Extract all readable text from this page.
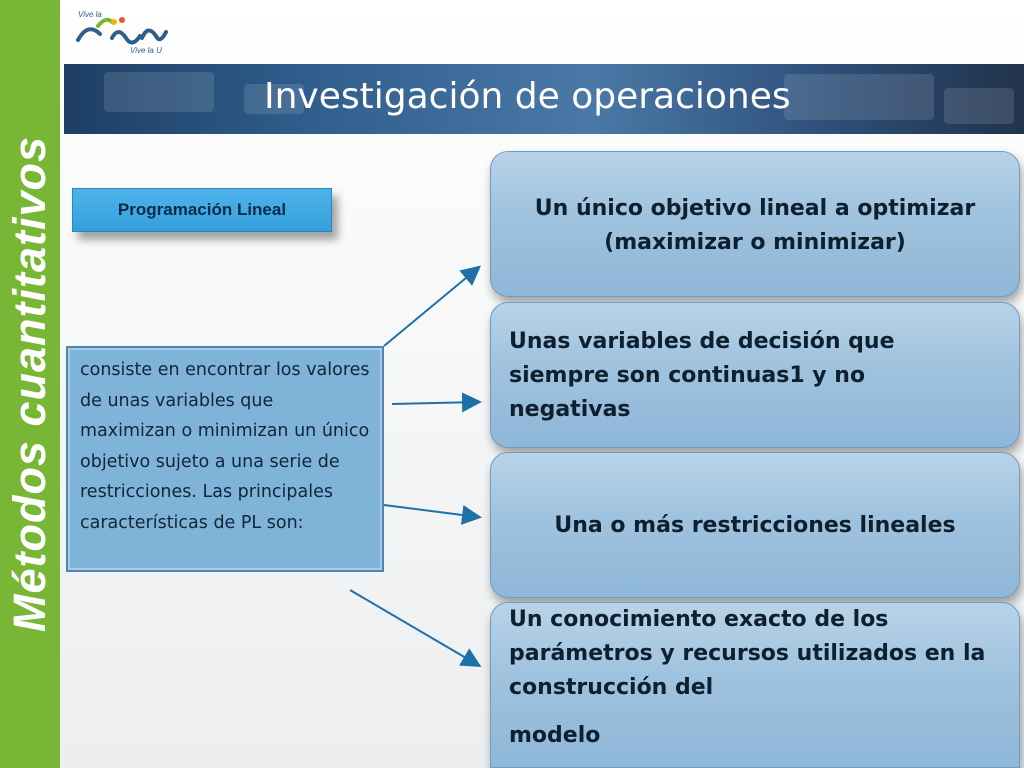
Métodos cuantitativos
Vive la
Vive la U
Investigación de operaciones
Programación Lineal
consiste en encontrar los valores de unas variables que maximizan o minimizan un único objetivo sujeto a una serie de restricciones. Las principales características de PL son:
Un único objetivo lineal a optimizar (maximizar o minimizar)
Unas variables de decisión que siempre son continuas1 y no negativas
Una o más restricciones lineales
Un conocimiento exacto de los parámetros y recursos utilizados en la construcción del
modelo
